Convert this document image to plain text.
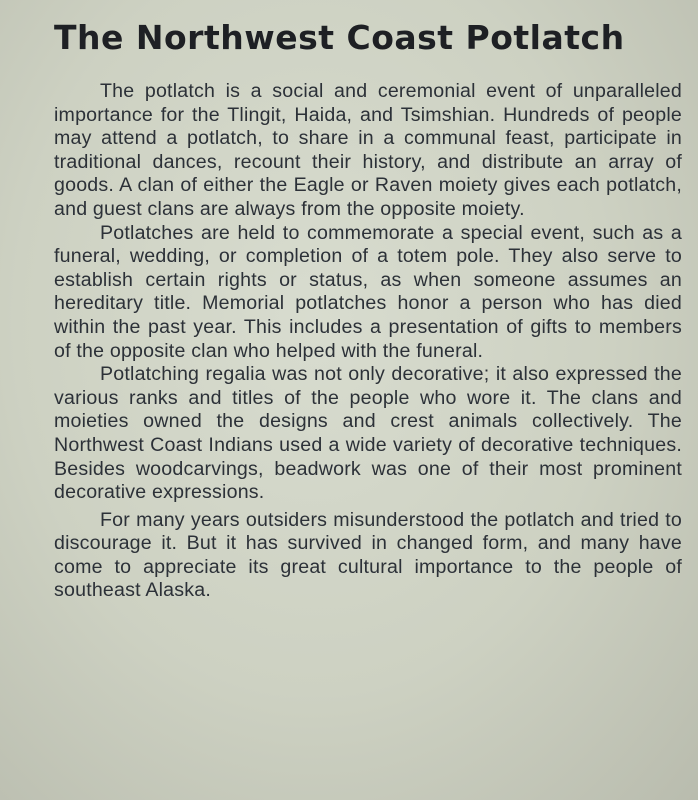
The Northwest Coast Potlatch

The potlatch is a social and ceremonial event of unparalleled importance for the Tlingit, Haida, and Tsimshian. Hundreds of people may attend a potlatch, to share in a communal feast, participate in traditional dances, recount their history, and distribute an array of goods. A clan of either the Eagle or Raven moiety gives each potlatch, and guest clans are always from the opposite moiety.

Potlatches are held to commemorate a special event, such as a funeral, wedding, or completion of a totem pole. They also serve to establish certain rights or status, as when someone assumes an hereditary title. Memorial potlatches honor a person who has died within the past year. This includes a presentation of gifts to members of the opposite clan who helped with the funeral.

Potlatching regalia was not only decorative; it also expressed the various ranks and titles of the people who wore it. The clans and moieties owned the designs and crest animals collectively. The Northwest Coast Indians used a wide variety of decorative techniques. Besides woodcarvings, beadwork was one of their most prominent decorative expressions.

For many years outsiders misunderstood the potlatch and tried to discourage it. But it has survived in changed form, and many have come to appreciate its great cultural importance to the people of southeast Alaska.
